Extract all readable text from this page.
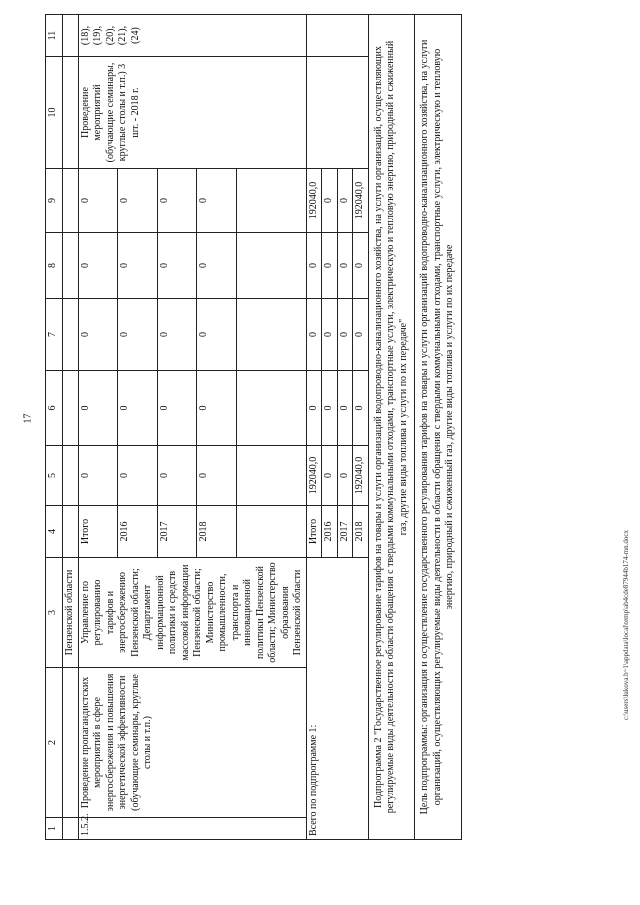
17
1	2	3	4	5	6	7	8	9	10	11
		Пензенской области								
1.5.2.	Проведение пропагандистских мероприятий в сфере энергосбережения и повышения энергетической эффективности (обучающие семинары, круглые столы и т.п.)	Управление по регулированию тарифов и энергосбережению Пензенской области; Департамент информационной политики и средств массовой информации Пензенской области; Министерство промышленности, транспорта и инновационной политики Пензенской области; Министерство образования Пензенской области	Итого	0	0	0	0	0	Проведение мероприятий (обучающие семинары, круглые столы и т.п.) 3 шт. - 2018 г.	(18), (19), (20), (21), (24)
			2016	0	0	0	0	0		
			2017	0	0	0	0	0		
			2018	0	0	0	0	0		

Всего по подпрограмме 1:			Итого	192040,0	0	0	0	192040,0		
			2016	0	0	0	0	0		
			2017	0	0	0	0	0		
			2018	192040,0	0	0	0	192040,0		
Подпрограмма 2 "Государственное регулирование тарифов на товары и услуги организаций водопроводно-канализационного хозяйства, на услуги организаций, осуществляющих регулируемые виды деятельности в области обращения с твердыми коммунальными отходами, транспортные услуги, электрическую и тепловую энергию, природный и сжиженный газ, другие виды топлива и услуги по их передаче"										
Цель подпрограммы: организация и осуществление государственного регулирования тарифов на товары и услуги организаций водопроводно-канализационного хозяйства, на услуги организаций, осуществляющих регулируемые виды деятельности в области обращения с твердыми коммунальными отходами, транспортные услуги, электрическую и тепловую энергию, природный и сжиженный газ, другие виды топлива и услуги по их передаче										
c:\users\lukova.b~1\appdata\local\temp\ab4cde87944b174-mn.docx
